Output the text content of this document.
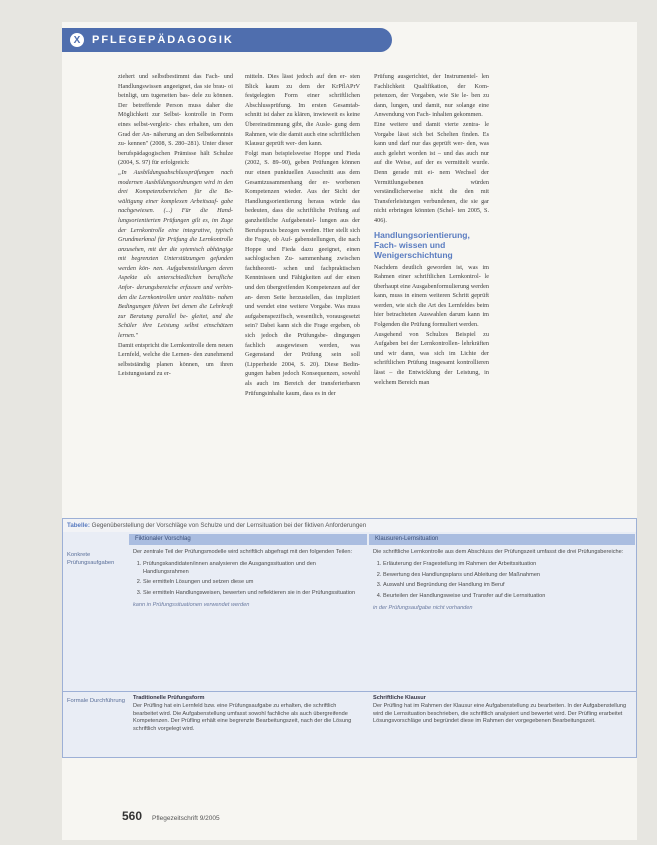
X	PFLEGEPÄDAGOGIK

ziehert und selbstbestimmt das Fach- und Handlungswissen angeeignet, das sie brau- oi beinligt, um tugeneiten bas- dele zu können. Der betreffende Person muss daher die Möglichkeit zur Selbst- kontrolle in Form eines selbst-vergleic- ches erhalten, um den Grad der An- näherung an den Selbstkenntnis zu- kennen" (2008, S. 280–281). Unter dieser berufspädagogischen Prämisse hält Schulze (2004, S. 97) für erfolgreich:

„In Ausbildungsabschlussprüfungen nach modernen Ausbildungsordnungen wird in den drei Kompetenzbereichen für die Be- wältigung einer komplexen Arbeitsauf- gabe nachgewiesen. (...) Für die Hand- lungsorientierten Prüfungen gilt es, im Zuge der Lernkontrolle eine integrative, typisch Grundmerkmal für Prüfung die Lernkontrolle anzusehen, mit der die sytemisch abhängige mit begrenzten Unterstützungen gefunden werden kön- nen. Aufgabenstellungen deren Aspekte als unterschiedlichen berufliche Anfor- derungsbereiche erfassen und verbin- den die Lernkontrollen unter realitäts- nahen Bedingungen führen bei denen die Lehrkraft zur Beratung parallel be- gleitet, und die Schüler ihre Leistung selbst einschätzen lernen."

Damit entspricht die Lernkontrolle dem neuen Lernfeld, welche die Lernen- den zunehmend selbstständig planen können, um ihren Leistungsstand zu er-

mitteln. Dies lässt jedoch auf den er- sten Blick kaum zu dem der KrPflAPrV festgelegten Form einer schriftlichen Abschlussprüfung. Im ersten Gesamtab- schnitt ist daher zu klären, inwieweit es keine Übereinstimmung gibt, die Ausle- gung dem Rahmen, wie die damit auch eine schriftlichen Klausur geprüft wer- den kann.

Folgt man beispielsweise Hoppe und Fieda (2002, S. 89–90), geben Prüfungen können nur einen punktuellen Ausschnitt aus dem Gesamtzusammenhang der er- worbenen Kompetenzen wieder. Aus der Sicht der Handlungsorientierung heraus würde das bedeuten, dass die schriftliche Prüfung auf ganzheitliche Aufgabenstel- lungen aus der Berufspraxis bezogen werden. Hier stellt sich die Frage, ob Auf- gabenstellungen, die nach Hoppe und Fieda dazu geeignet, einen sachlogischen Zu- sammenhang zwischen fachtheoreti- schen und fachpraktischen Kenntnissen und Fähigkeiten auf der einen und den übergreifenden Kompetenzen auf der an- deren Seite herzustellen, das impliziert und wendet eine weitere Vorgabe. Was muss aufgabenspezifisch, wesentlich, vorausgesetzt sein? Dabei kann sich die Frage ergeben, ob sich jedoch die Prüfungsbe- dingungen fachlich ausgewiesen werden, was Gegenstand der Prüfung sein soll (Lipperheide 2004, S. 20). Diese Bedin- gungen haben jedoch Konsequenzen, sowohl als auch im Bereich der transferierbaren Prüfungsinhalte kaum, dass es in der

Prüfung ausgerichtet, der Instrumentel- len Fachlichkeit Qualifikation, der Kom- petenzen, der Vorgaben, wie Sie le- ben zu dann, lungen, und damit, nur solange eine Anwendung von Fach- inhalten gekommen.

Eine weitere und damit vierte zentra- le Vorgabe lässt sich bei Schelten finden. Es kann und darf nur das geprüft wer- den, was auch gelehrt worden ist – und das auch nur auf die Weise, auf der es vermittelt wurde. Denn gerade mit ei- nem Wechsel der Vermittlungsebenen würden verständlicherweise nicht die den mit Transferleistungen verbundenen, die sie gar nicht erbringen könnten (Schel- ten 2005, S. 406).

Handlungsorientierung, Fach- wissen und Wenigerschichtung

Nachdem deutlich geworden ist, was im Rahmen einer schriftlichen Lernkontrol- le überhaupt eine Ausgabenformulierung werden kann, muss in einem weiteren Schritt geprüft werden, wie sich die Art des Lernfeldes beim hier betrachteten Auswahlen darum kann im Folgenden die Prüfung formuliert werden.

Ausgehend von Schulzes Beispiel zu Aufgaben bei der Lernkontrollen- lehrkräften und wir dann, was sich im Lichte der schriftlichen Prüfung insgesamt kontrollieren lässt – die Entwicklung der Leistung, in welchem Bereich man

Tabelle: Gegenüberstellung der Vorschläge von Schulze und der Lernsituation bei der fiktiven Anforderungen
Fiktionaler Vorschlag	Klausuren-Lernsituation
Konkrete Prüfungsaufgaben
Der zentrale Teil der Prüfungsmodelle wird schriftlich abgefragt mit den folgenden Teilen:
1. Prüfungskandidaten/innen analysieren die Ausgangssituation und den Handlungsrahmen
2. Sie ermitteln Lösungen und setzen diese um
3. Sie ermitteln Handlungsweisen, bewerten und reflektieren sie in der Prüfungssituation
kann in Prüfungssituationen verwendet werden
Die schriftliche Lernkontrolle aus dem Abschluss der Prüfungszeit umfasst die drei Prüfungsbereiche:
1. Erläuterung der Fragestellung im Rahmen der Arbeitssituation
2. Bewertung des Handlungsplans und Ableitung der Maßnahmen
3. Auswahl und Begründung der Handlung im Beruf
4. Beurteilen der Handlungsweise und Transfer auf die Lernsituation
in der Prüfungsaufgabe nicht vorhanden
Formale Durchführung Traditionelle Prüfungsform
Der Prüfling hat ein Lernfeld bzw. eine Prüfungsaufgabe zu erhalten, die schriftlich bearbeitet wird. Die Aufgabenstellung umfasst sowohl fachliche als auch übergreifende Kompetenzen. Der Prüfling erhält eine begrenzte Bearbeitungszeit, nach der die Lösung schriftlich vorgelegt wird.
Schriftliche Klausur
Der Prüfling hat im Rahmen der Klausur eine Aufgabenstellung zu bearbeiten. In der Aufgabenstellung wird die Lernsituation beschrieben, die schriftlich analysiert und bewertet wird. Der Prüfling erarbeitet Lösungsvorschläge und begründet diese im Rahmen der vorgegebenen Bearbeitungszeit.
560 Pflegezeitschrift 9/2005
